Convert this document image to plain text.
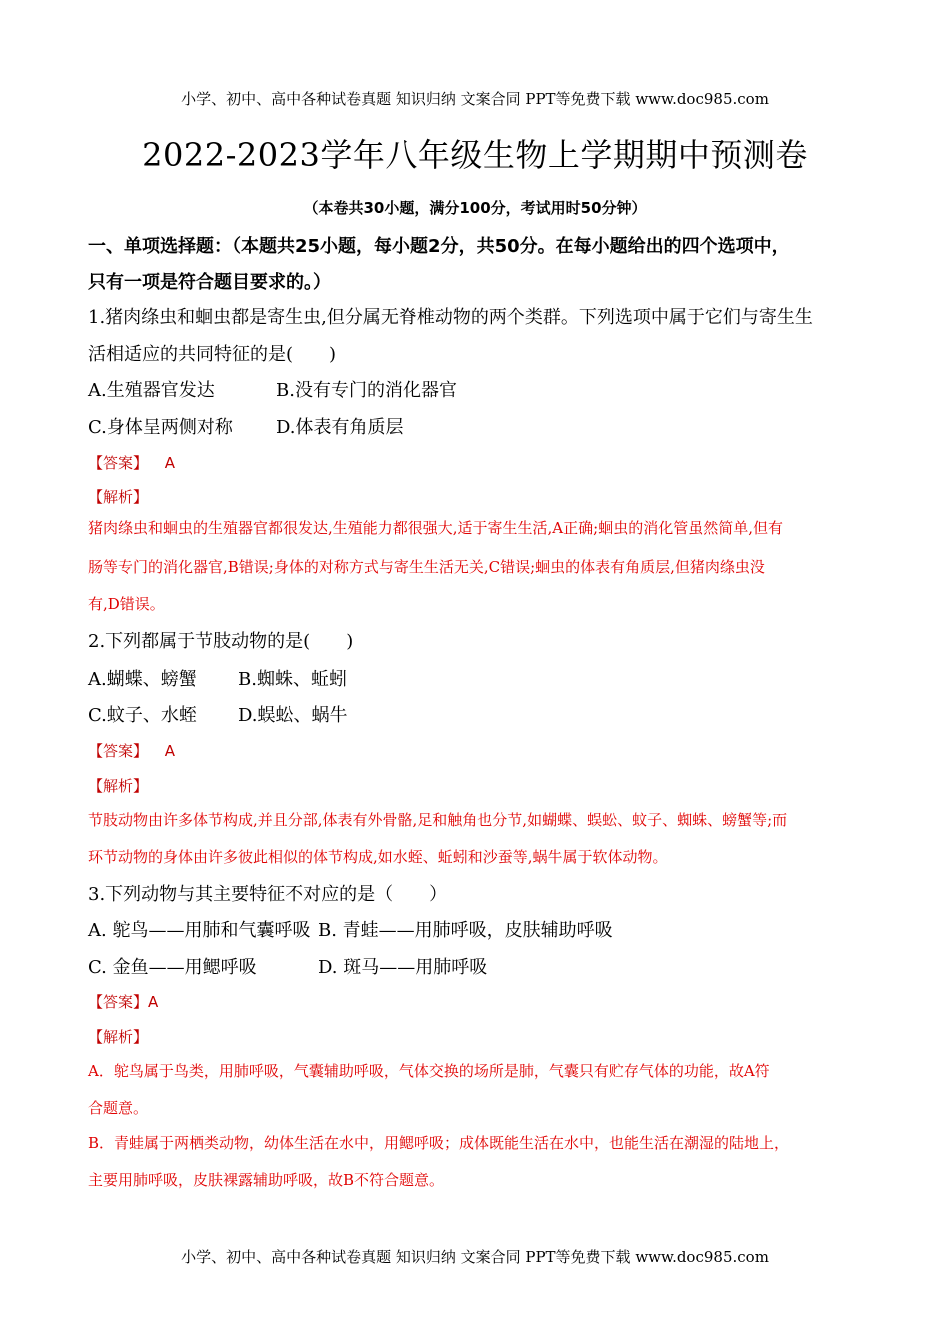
小学、初中、高中各种试卷真题 知识归纳 文案合同 PPT等免费下载 www.doc985.com
2022-2023学年八年级生物上学期期中预测卷
（本卷共30小题，满分100分，考试用时50分钟）
一、单项选择题：（本题共25小题，每小题2分，共50分。在每小题给出的四个选项中，
只有一项是符合题目要求的。）
1.猪肉绦虫和蛔虫都是寄生虫,但分属无脊椎动物的两个类群。下列选项中属于它们与寄生生
活相适应的共同特征的是(　　)
A.生殖器官发达	B.没有专门的消化器官
C.身体呈两侧对称 D.体表有角质层
【答案】 A
【解析】
猪肉绦虫和蛔虫的生殖器官都很发达,生殖能力都很强大,适于寄生生活,A正确;蛔虫的消化管虽然简单,但有
肠等专门的消化器官,B错误;身体的对称方式与寄生生活无关,C错误;蛔虫的体表有角质层,但猪肉绦虫没
有,D错误。
2.下列都属于节肢动物的是(　　)
A.蝴蝶、螃蟹 B.蜘蛛、蚯蚓
C.蚊子、水蛭 D.蜈蚣、蜗牛
【答案】 A
【解析】
节肢动物由许多体节构成,并且分部,体表有外骨骼,足和触角也分节,如蝴蝶、蜈蚣、蚊子、蜘蛛、螃蟹等;而
环节动物的身体由许多彼此相似的体节构成,如水蛭、蚯蚓和沙蚕等,蜗牛属于软体动物。
3.下列动物与其主要特征不对应的是（　　）
A. 鸵鸟——用肺和气囊呼吸 B. 青蛙——用肺呼吸，皮肤辅助呼吸
C. 金鱼——用鳃呼吸	D. 斑马——用肺呼吸
【答案】A
【解析】
A．鸵鸟属于鸟类，用肺呼吸，气囊辅助呼吸，气体交换的场所是肺，气囊只有贮存气体的功能，故A符
合题意。
B．青蛙属于两栖类动物，幼体生活在水中，用鳃呼吸；成体既能生活在水中，也能生活在潮湿的陆地上，
主要用肺呼吸，皮肤裸露辅助呼吸，故B不符合题意。
小学、初中、高中各种试卷真题 知识归纳 文案合同 PPT等免费下载 www.doc985.com
